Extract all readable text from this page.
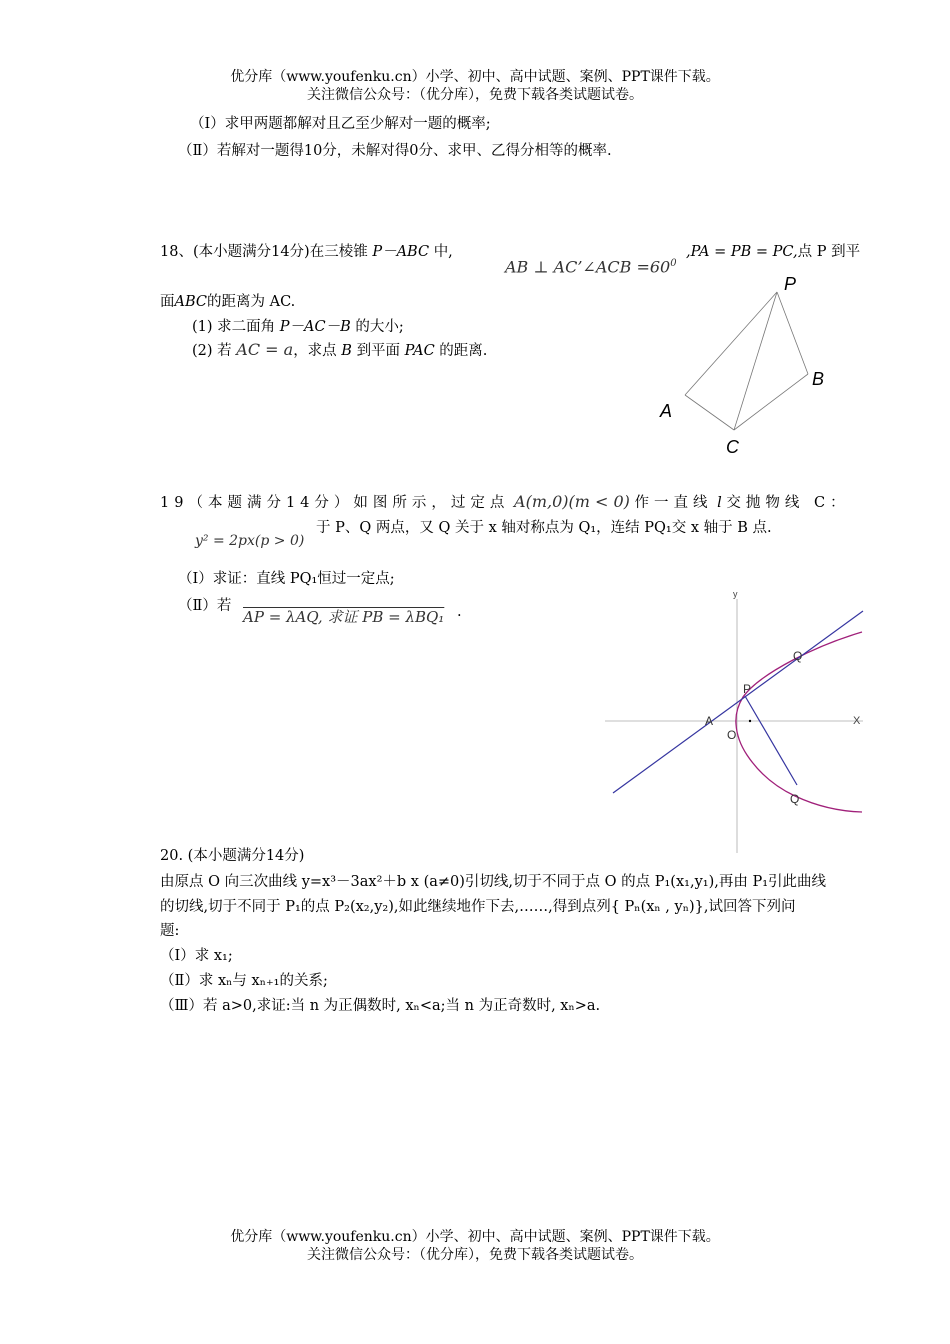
优分库（www.youfenku.cn）小学、初中、高中试题、案例、PPT课件下载。
关注微信公众号：（优分库），免费下载各类试题试卷。
（Ⅰ）求甲两题都解对且乙至少解对一题的概率;
（Ⅱ）若解对一题得10分，未解对得0分、求甲、乙得分相等的概率.
18、(本小题满分14分)在三棱锥 P－ABC 中,
AB ⊥ AC’∠ACB $=60^0$
,PA = PB = PC,点 P 到平
面ABC的距离为 AC.
(1) 求二面角 P－AC－B 的大小;
(2) 若 AC = a，求点 B 到平面 PAC 的距离.
P
A
B
C
19（本题满分14分）如图所示，过定点 A(m,0)(m < 0) 作一直线 l 交抛物线 C：
y² = 2px(p > 0)
于 P、Q 两点，又 Q 关于 x 轴对称点为 Q₁，连结 PQ₁交 x 轴于 B 点.
（Ⅰ）求证：直线 PQ₁恒过一定点;
（Ⅱ）若
AP = λAQ, 求证 PB = λBQ₁ .
y
X
A
O
P
Q
Q
20. (本小题满分14分)
由原点 O 向三次曲线 y=x³－3ax²＋b x (a≠0)引切线,切于不同于点 O 的点 P₁(x₁,y₁),再由 P₁引此曲线
的切线,切于不同于 P₁的点 P₂(x₂,y₂),如此继续地作下去,……,得到点列{ Pₙ(xₙ , yₙ)},试回答下列问
题:
（Ⅰ）求 x₁;
（Ⅱ）求 xₙ与 xₙ₊₁的关系;
（Ⅲ）若 a>0,求证:当 n 为正偶数时, xₙ<a;当 n 为正奇数时, xₙ>a.
优分库（www.youfenku.cn）小学、初中、高中试题、案例、PPT课件下载。
关注微信公众号：（优分库），免费下载各类试题试卷。
